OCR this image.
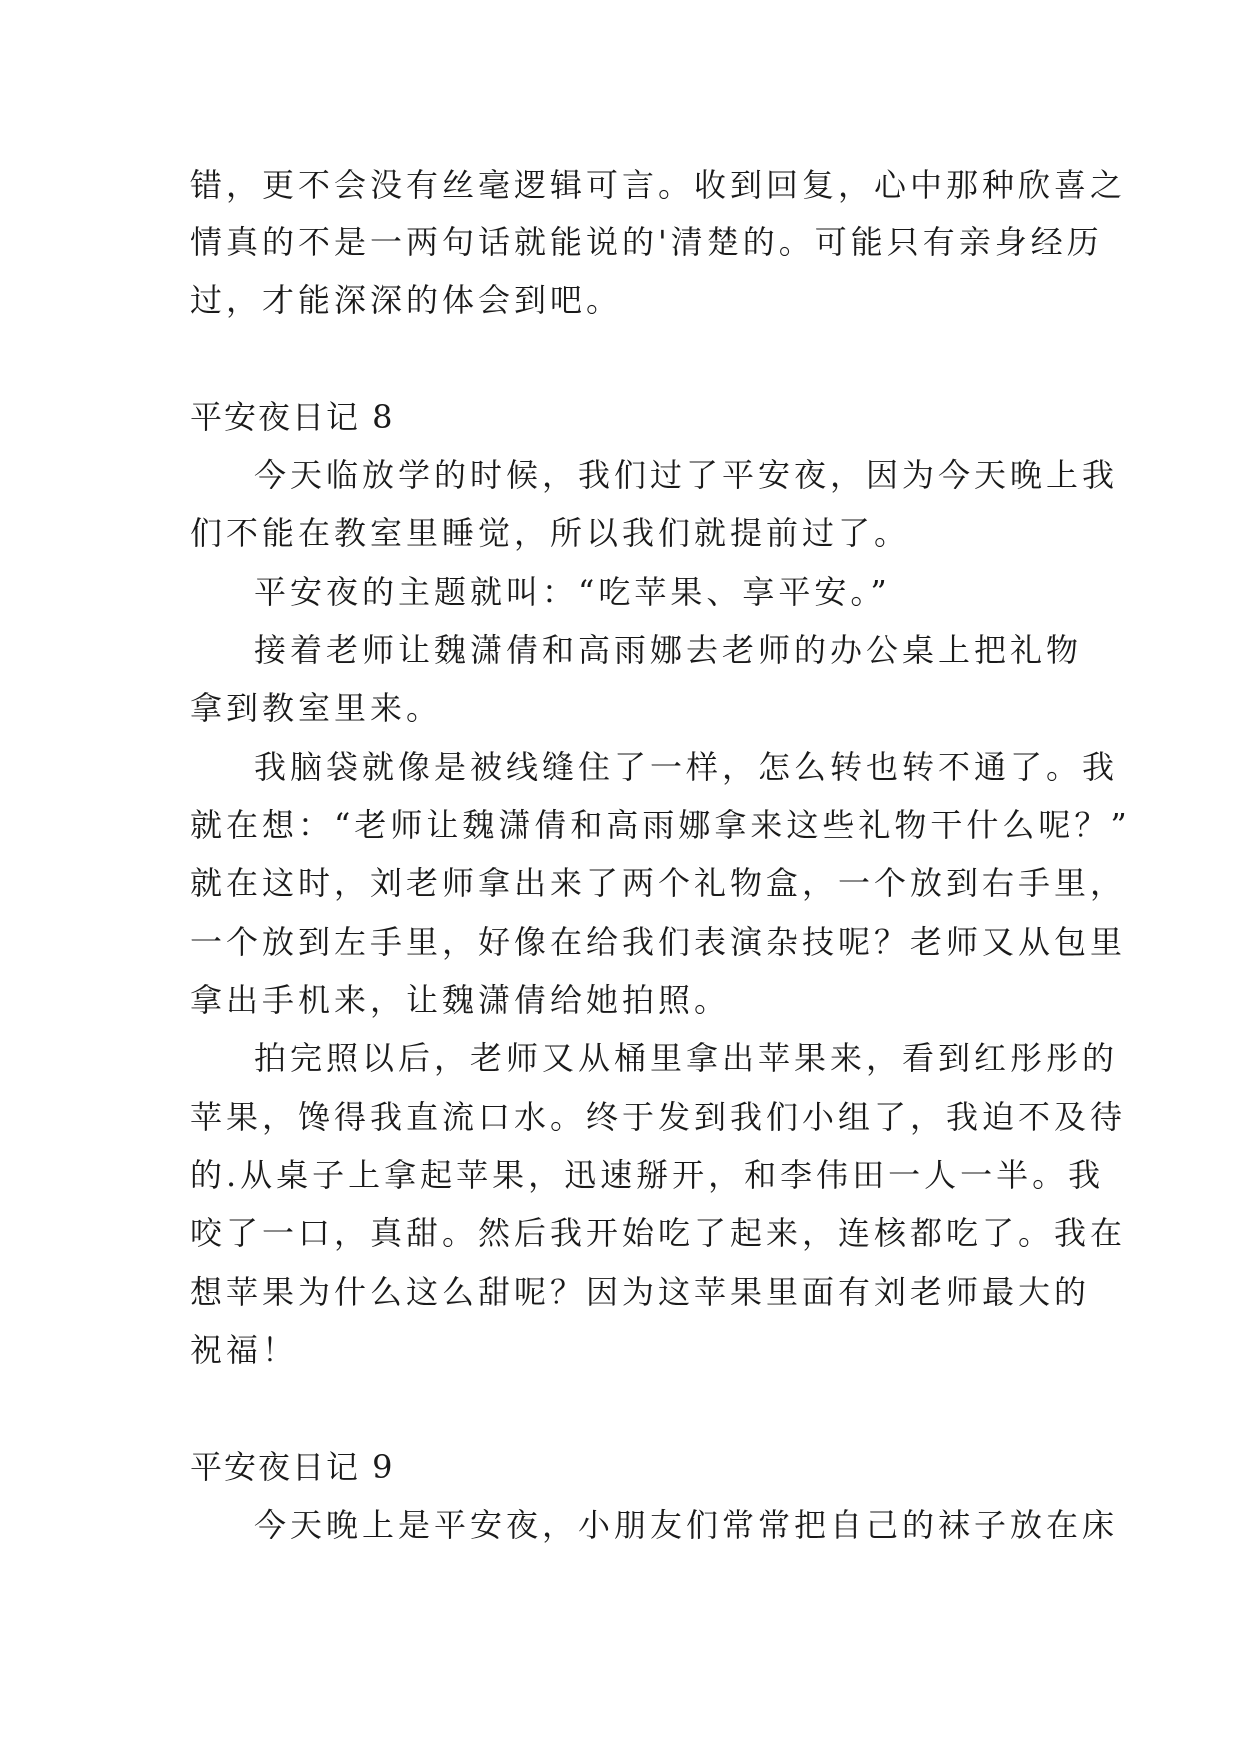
错，更不会没有丝毫逻辑可言。收到回复，心中那种欣喜之

情真的不是一两句话就能说的'清楚的。可能只有亲身经历

过，才能深深的体会到吧。

平安夜日记 8

今天临放学的时候，我们过了平安夜，因为今天晚上我

们不能在教室里睡觉，所以我们就提前过了。

平安夜的主题就叫：“吃苹果、享平安。”

接着老师让魏潇倩和高雨娜去老师的办公桌上把礼物

拿到教室里来。

我脑袋就像是被线缝住了一样，怎么转也转不通了。我

就在想：“老师让魏潇倩和高雨娜拿来这些礼物干什么呢？”

就在这时，刘老师拿出来了两个礼物盒，一个放到右手里，

一个放到左手里，好像在给我们表演杂技呢？老师又从包里

拿出手机来，让魏潇倩给她拍照。

拍完照以后，老师又从桶里拿出苹果来，看到红彤彤的

苹果，馋得我直流口水。终于发到我们小组了，我迫不及待

的.从桌子上拿起苹果，迅速掰开，和李伟田一人一半。我

咬了一口，真甜。然后我开始吃了起来，连核都吃了。我在

想苹果为什么这么甜呢？因为这苹果里面有刘老师最大的

祝福！

平安夜日记 9

今天晚上是平安夜，小朋友们常常把自己的袜子放在床
